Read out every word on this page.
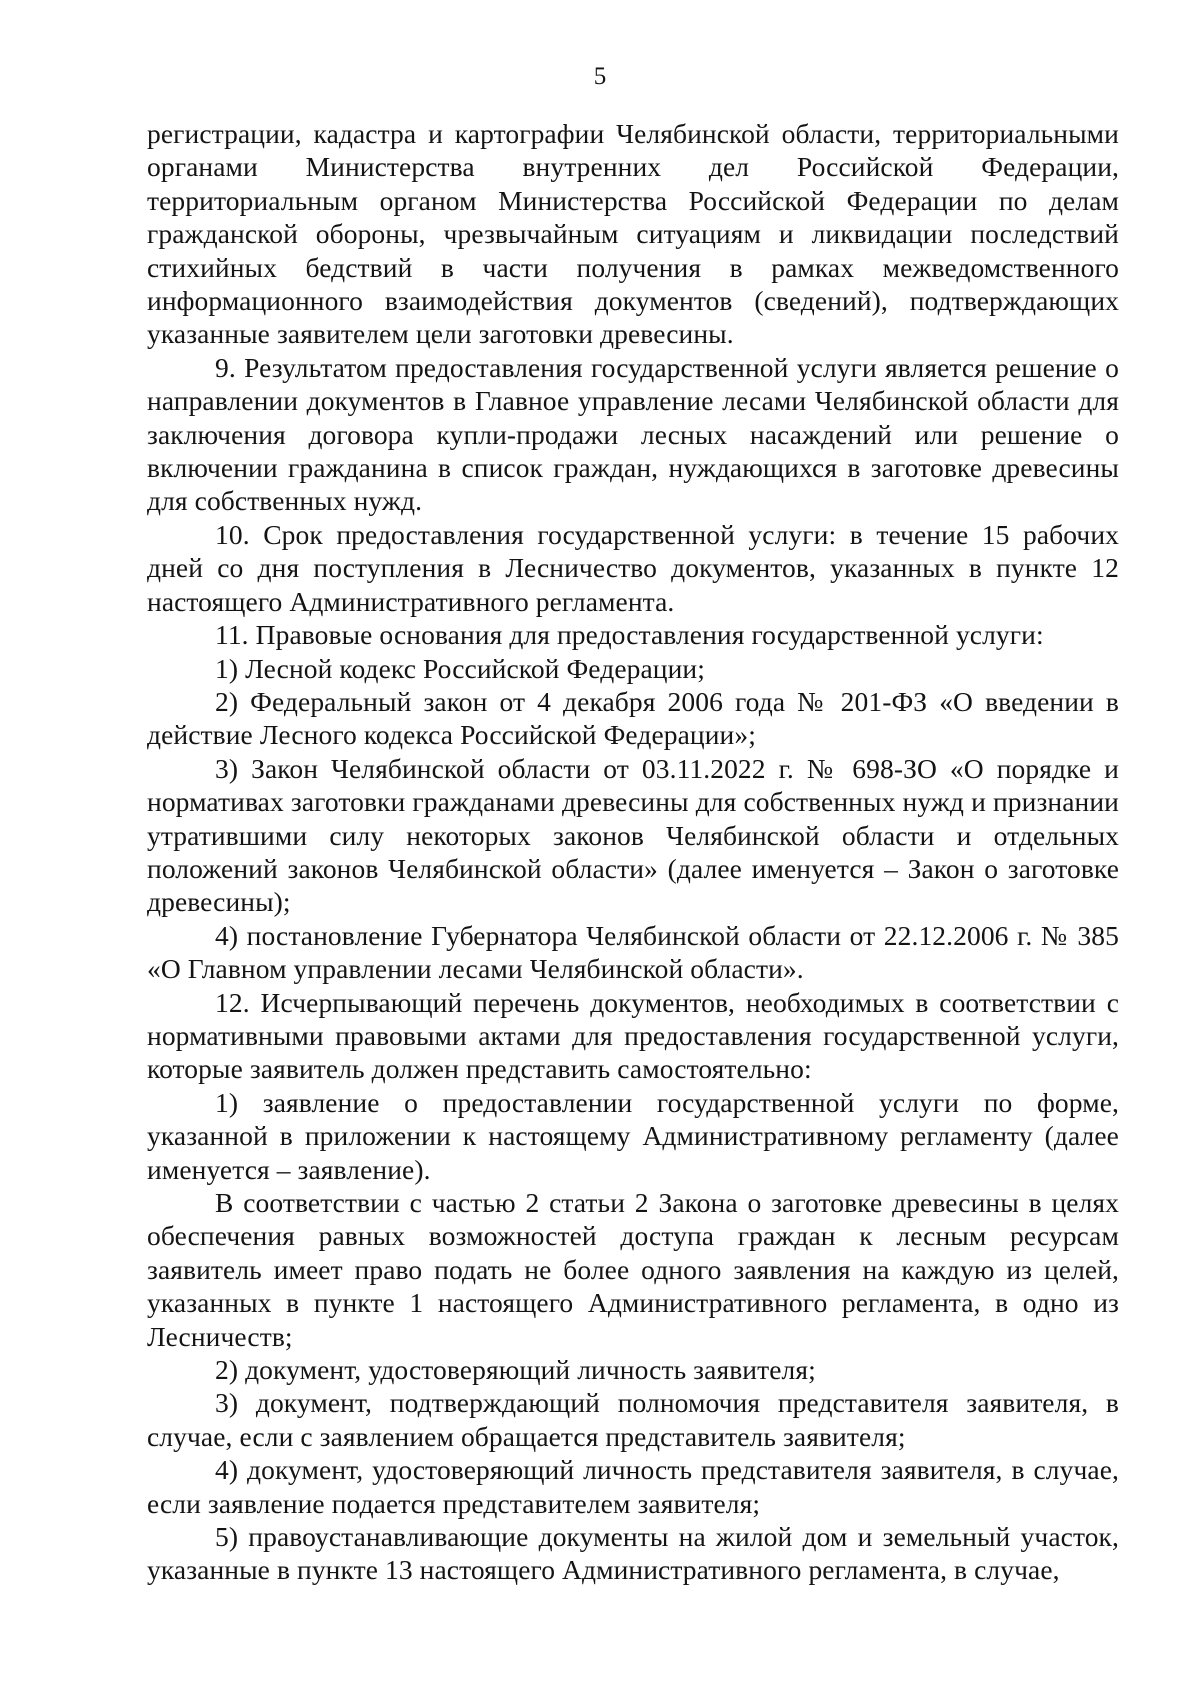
5

регистрации, кадастра и картографии Челябинской области, территориальными органами Министерства внутренних дел Российской Федерации, территориальным органом Министерства Российской Федерации по делам гражданской обороны, чрезвычайным ситуациям и ликвидации последствий стихийных бедствий в части получения в рамках межведомственного информационного взаимодействия документов (сведений), подтверждающих указанные заявителем цели заготовки древесины.

9. Результатом предоставления государственной услуги является решение о направлении документов в Главное управление лесами Челябинской области для заключения договора купли-продажи лесных насаждений или решение о включении гражданина в список граждан, нуждающихся в заготовке древесины для собственных нужд.

10. Срок предоставления государственной услуги: в течение 15 рабочих дней со дня поступления в Лесничество документов, указанных в пункте 12 настоящего Административного регламента.

11. Правовые основания для предоставления государственной услуги:

1) Лесной кодекс Российской Федерации;

2) Федеральный закон от 4 декабря 2006 года № 201-ФЗ «О введении в действие Лесного кодекса Российской Федерации»;

3) Закон Челябинской области от 03.11.2022 г. № 698-ЗО «О порядке и нормативах заготовки гражданами древесины для собственных нужд и признании утратившими силу некоторых законов Челябинской области и отдельных положений законов Челябинской области» (далее именуется – Закон о заготовке древесины);

4) постановление Губернатора Челябинской области от 22.12.2006 г. № 385 «О Главном управлении лесами Челябинской области».

12. Исчерпывающий перечень документов, необходимых в соответствии с нормативными правовыми актами для предоставления государственной услуги, которые заявитель должен представить самостоятельно:

1) заявление о предоставлении государственной услуги по форме, указанной в приложении к настоящему Административному регламенту (далее именуется – заявление).

В соответствии с частью 2 статьи 2 Закона о заготовке древесины в целях обеспечения равных возможностей доступа граждан к лесным ресурсам заявитель имеет право подать не более одного заявления на каждую из целей, указанных в пункте 1 настоящего Административного регламента, в одно из Лесничеств;

2) документ, удостоверяющий личность заявителя;

3) документ, подтверждающий полномочия представителя заявителя, в случае, если с заявлением обращается представитель заявителя;

4) документ, удостоверяющий личность представителя заявителя, в случае, если заявление подается представителем заявителя;

5) правоустанавливающие документы на жилой дом и земельный участок, указанные в пункте 13 настоящего Административного регламента, в случае,
